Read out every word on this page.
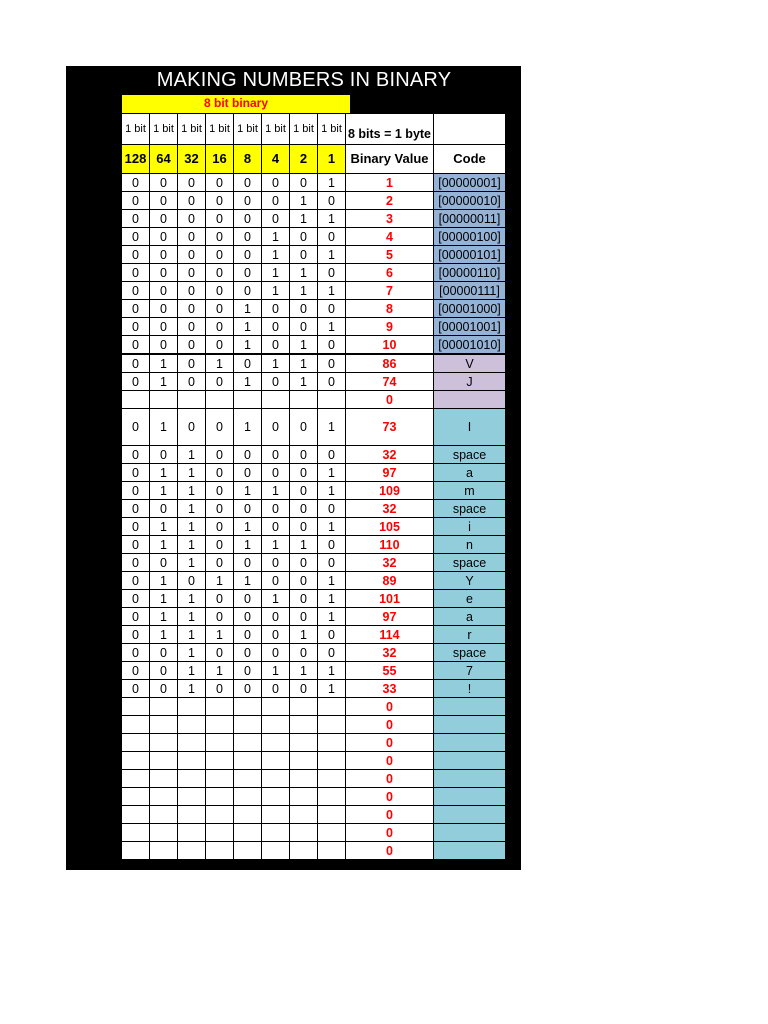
MAKING NUMBERS IN BINARY
8 bit binary
1 bit	1 bit	1 bit	1 bit	1 bit	1 bit	1 bit	1 bit	8 bits = 1 byte	
128	64	32	16	8	4	2	1	Binary Value	Code
0	0	0	0	0	0	0	1	1	[00000001]
0	0	0	0	0	0	1	0	2	[00000010]
0	0	0	0	0	0	1	1	3	[00000011]
0	0	0	0	0	1	0	0	4	[00000100]
0	0	0	0	0	1	0	1	5	[00000101]
0	0	0	0	0	1	1	0	6	[00000110]
0	0	0	0	0	1	1	1	7	[00000111]
0	0	0	0	1	0	0	0	8	[00001000]
0	0	0	0	1	0	0	1	9	[00001001]
0	0	0	0	1	0	1	0	10	[00001010]
0	1	0	1	0	1	1	0	86	V
0	1	0	0	1	0	1	0	74	J
								0	
0	1	0	0	1	0	0	1	73	I
0	0	1	0	0	0	0	0	32	space
0	1	1	0	0	0	0	1	97	a
0	1	1	0	1	1	0	1	109	m
0	0	1	0	0	0	0	0	32	space
0	1	1	0	1	0	0	1	105	i
0	1	1	0	1	1	1	0	110	n
0	0	1	0	0	0	0	0	32	space
0	1	0	1	1	0	0	1	89	Y
0	1	1	0	0	1	0	1	101	e
0	1	1	0	0	0	0	1	97	a
0	1	1	1	0	0	1	0	114	r
0	0	1	0	0	0	0	0	32	space
0	0	1	1	0	1	1	1	55	7
0	0	1	0	0	0	0	1	33	!
								0	
								0	
								0	
								0	
								0	
								0	
								0	
								0	
								0	
